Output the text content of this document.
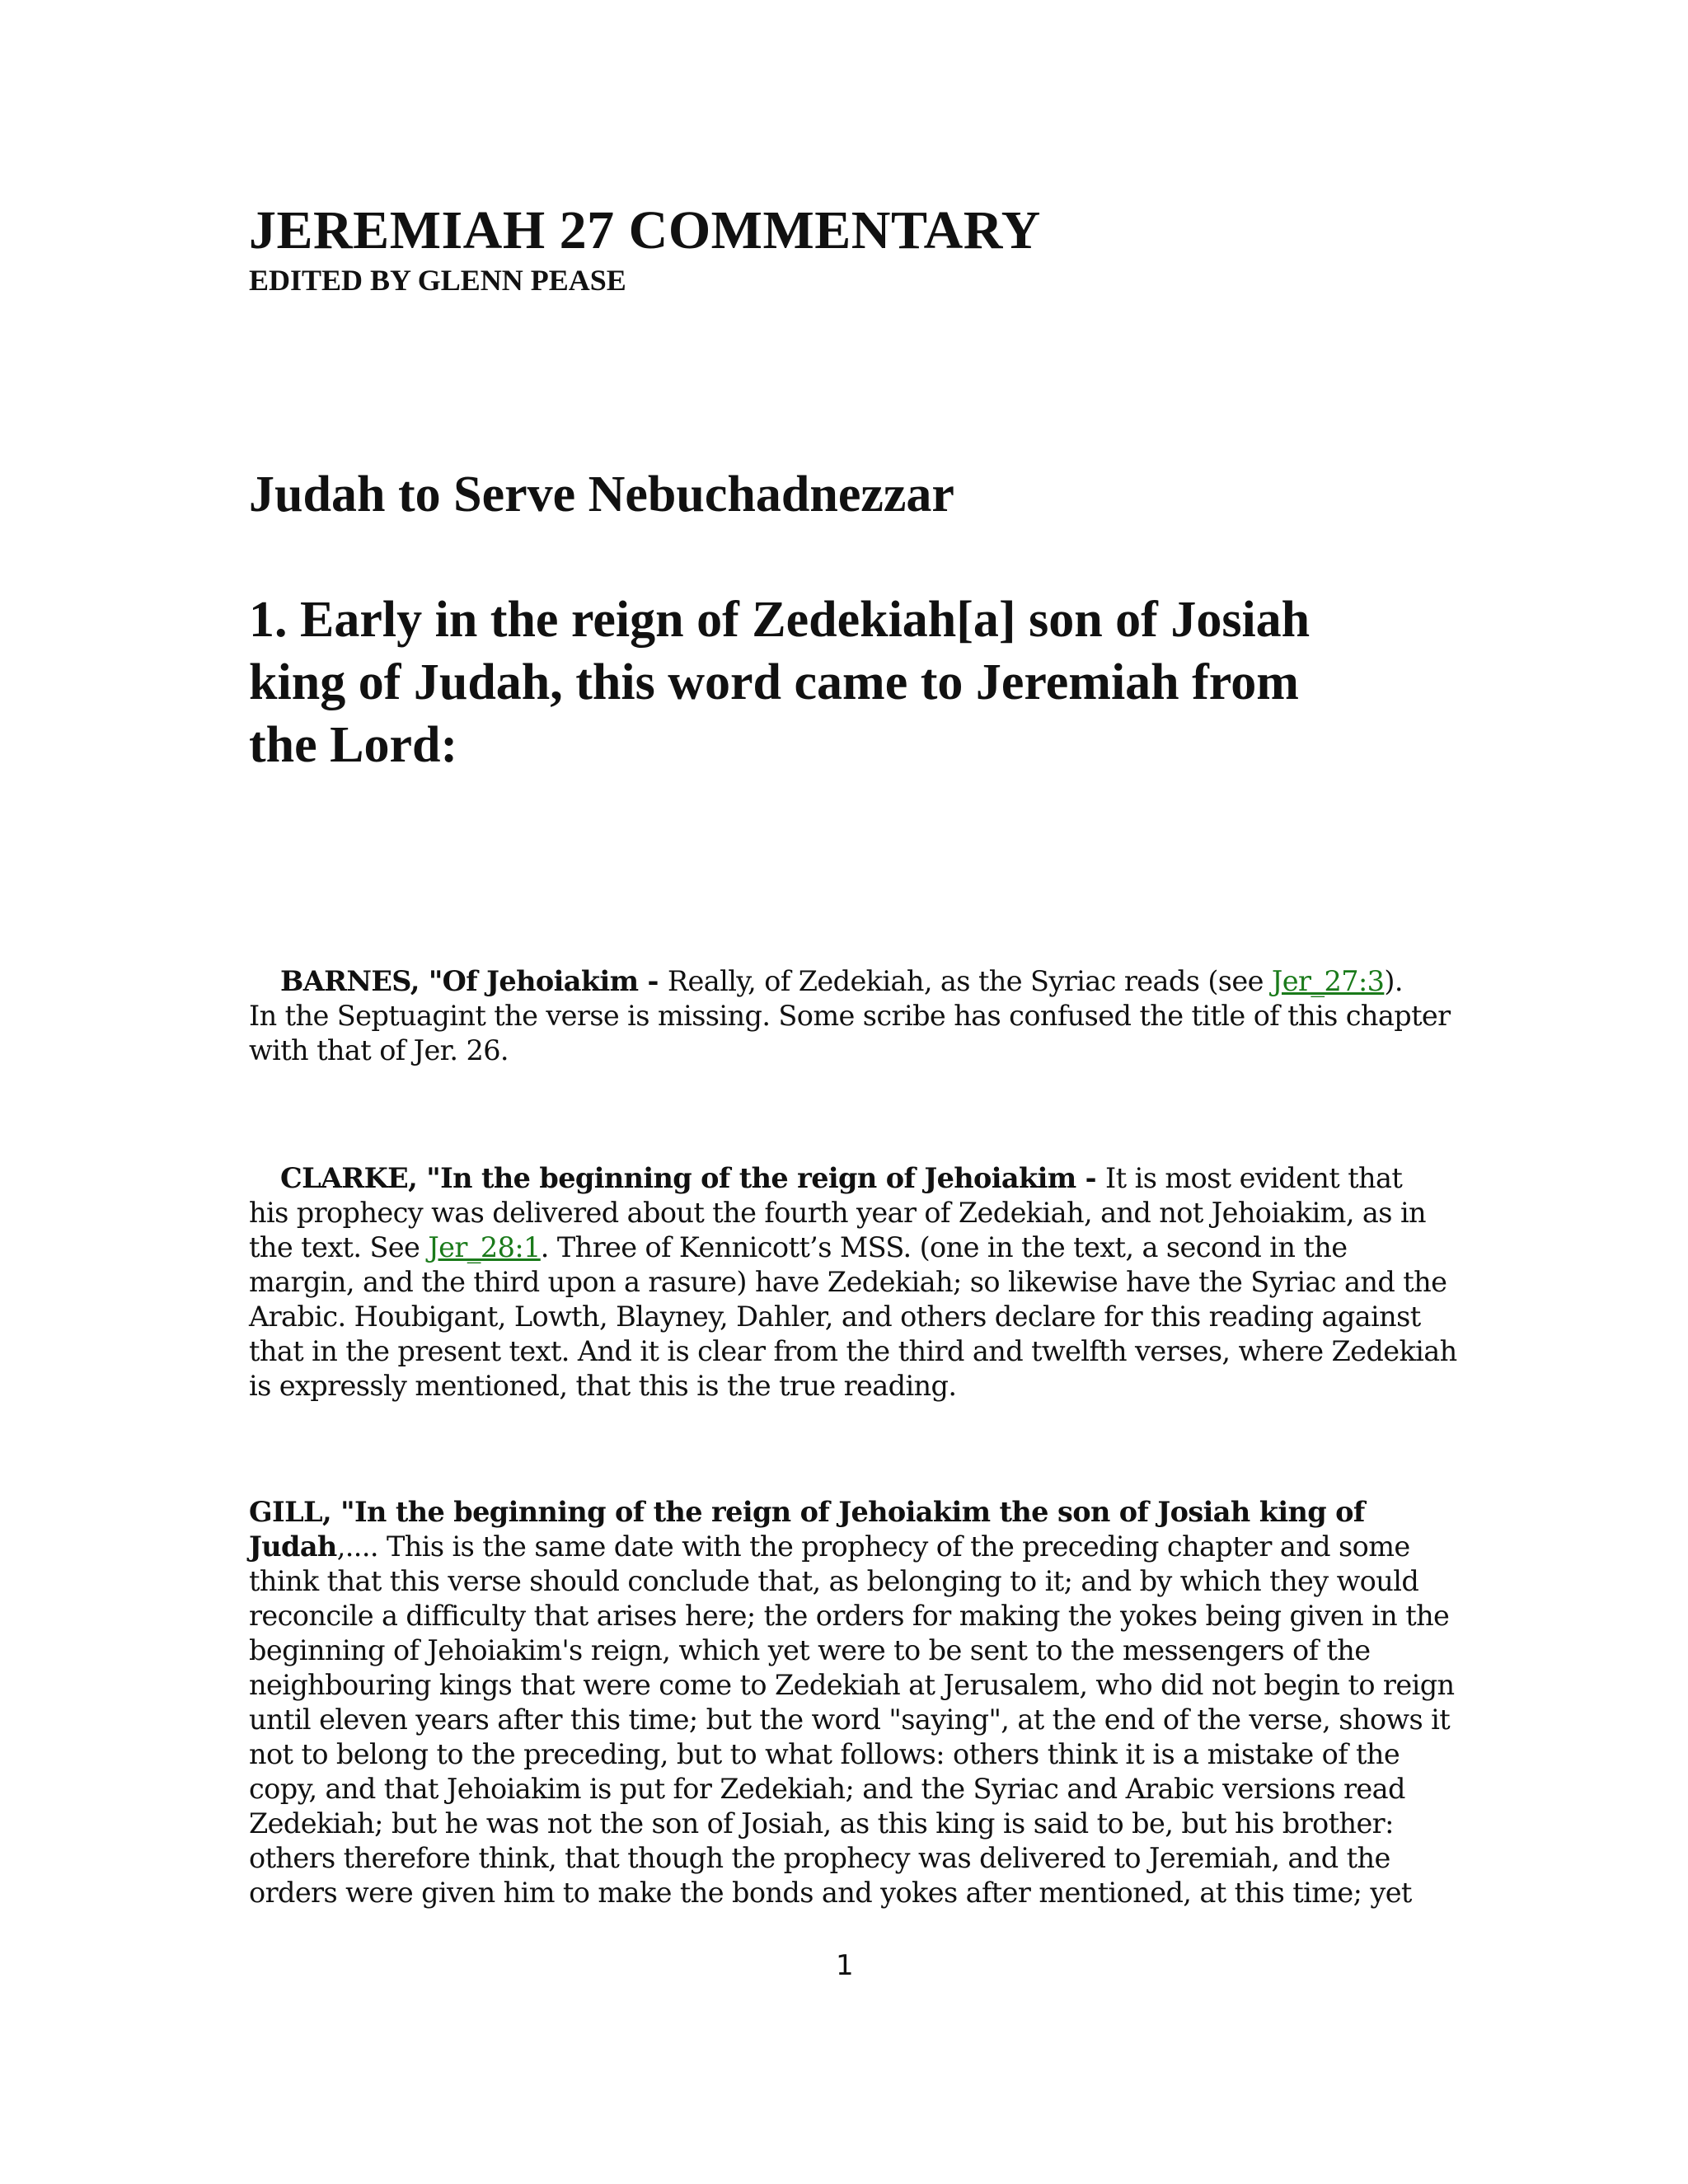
JEREMIAH 27 COMMENTARY
EDITED BY GLENN PEASE
Judah to Serve Nebuchadnezzar
1. Early in the reign of Zedekiah[a] son of Josiah
king of Judah, this word came to Jeremiah from
the Lord:
BARNES, "Of Jehoiakim - Really, of Zedekiah, as the Syriac reads (see Jer_27:3).
In the Septuagint the verse is missing. Some scribe has confused the title of this chapter
with that of Jer. 26.
CLARKE, "In the beginning of the reign of Jehoiakim - It is most evident that
his prophecy was delivered about the fourth year of Zedekiah, and not Jehoiakim, as in
the text. See Jer_28:1. Three of Kennicott’s MSS. (one in the text, a second in the
margin, and the third upon a rasure) have Zedekiah; so likewise have the Syriac and the
Arabic. Houbigant, Lowth, Blayney, Dahler, and others declare for this reading against
that in the present text. And it is clear from the third and twelfth verses, where Zedekiah
is expressly mentioned, that this is the true reading.
GILL, "In the beginning of the reign of Jehoiakim the son of Josiah king of
Judah,.... This is the same date with the prophecy of the preceding chapter and some
think that this verse should conclude that, as belonging to it; and by which they would
reconcile a difficulty that arises here; the orders for making the yokes being given in the
beginning of Jehoiakim's reign, which yet were to be sent to the messengers of the
neighbouring kings that were come to Zedekiah at Jerusalem, who did not begin to reign
until eleven years after this time; but the word "saying", at the end of the verse, shows it
not to belong to the preceding, but to what follows: others think it is a mistake of the
copy, and that Jehoiakim is put for Zedekiah; and the Syriac and Arabic versions read
Zedekiah; but he was not the son of Josiah, as this king is said to be, but his brother:
others therefore think, that though the prophecy was delivered to Jeremiah, and the
orders were given him to make the bonds and yokes after mentioned, at this time; yet

1
